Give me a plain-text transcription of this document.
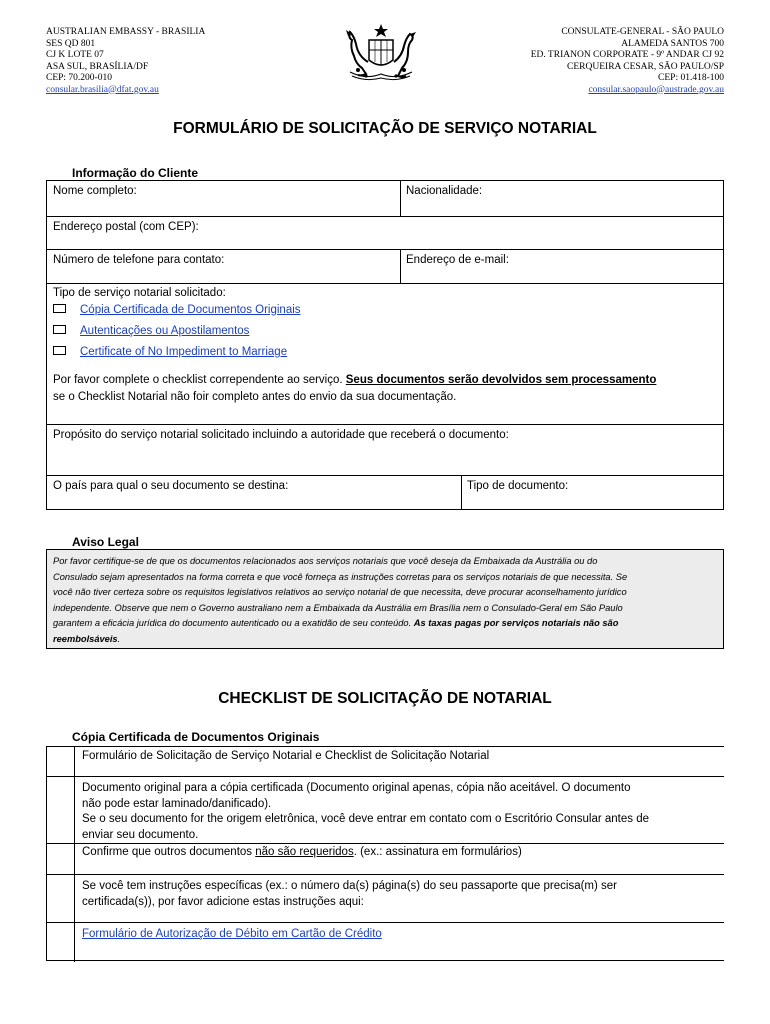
AUSTRALIAN EMBASSY - BRASILIA
SES QD 801
CJ K LOTE 07
ASA SUL, BRASÍLIA/DF
CEP: 70.200-010
consular.brasilia@dfat.gov.au
CONSULATE-GENERAL - SÃO PAULO
ALAMEDA SANTOS 700
ED. TRIANON CORPORATE - 9º ANDAR CJ 92
CERQUEIRA CESAR, SÃO PAULO/SP
CEP: 01.418-100
consular.saopaulo@austrade.gov.au
FORMULÁRIO DE SOLICITAÇÃO DE SERVIÇO NOTARIAL
Informação do Cliente
Nome completo:	Nacionalidade:
Endereço postal (com CEP):
Número de telefone para contato:	Endereço de e-mail:
Tipo de serviço notarial solicitado:
Cópia Certificada de Documentos Originais
Autenticações ou Apostilamentos
Certificate of No Impediment to Marriage
Por favor complete o checklist corrependente ao serviço. Seus documentos serão devolvidos sem processamento
se o Checklist Notarial não foir completo antes do envio da sua documentação.
Propósito do serviço notarial solicitado incluindo a autoridade que receberá o documento:
O país para qual o seu documento se destina:	Tipo de documento:
Aviso Legal
Por favor certifique-se de que os documentos relacionados aos serviços notariais que você deseja da Embaixada da Austrália ou do
Consulado sejam apresentados na forma correta e que você forneça as instruções corretas para os serviços notariais de que necessita. Se
você não tiver certeza sobre os requisitos legislativos relativos ao serviço notarial de que necessita, deve procurar aconselhamento jurídico
independente. Observe que nem o Governo australiano nem a Embaixada da Austrália em Brasília nem o Consulado-Geral em São Paulo
garantem a eficácia jurídica do documento autenticado ou a exatidão de seu conteúdo. As taxas pagas por serviços notariais não são
reembolsáveis.
CHECKLIST DE SOLICITAÇÃO DE NOTARIAL
Cópia Certificada de Documentos Originais
Formulário de Solicitação de Serviço Notarial e Checklist de Solicitação Notarial
Documento original para a cópia certificada (Documento original apenas, cópia não aceitável. O documento
não pode estar laminado/danificado).
Se o seu documento for the origem eletrônica, você deve entrar em contato com o Escritório Consular antes de
enviar seu documento.
Confirme que outros documentos não são requeridos. (ex.: assinatura em formulários)
Se você tem instruções específicas (ex.: o número da(s) página(s) do seu passaporte que precisa(m) ser
certificada(s)), por favor adicione estas instruções aqui:
Formulário de Autorização de Débito em Cartão de Crédito
